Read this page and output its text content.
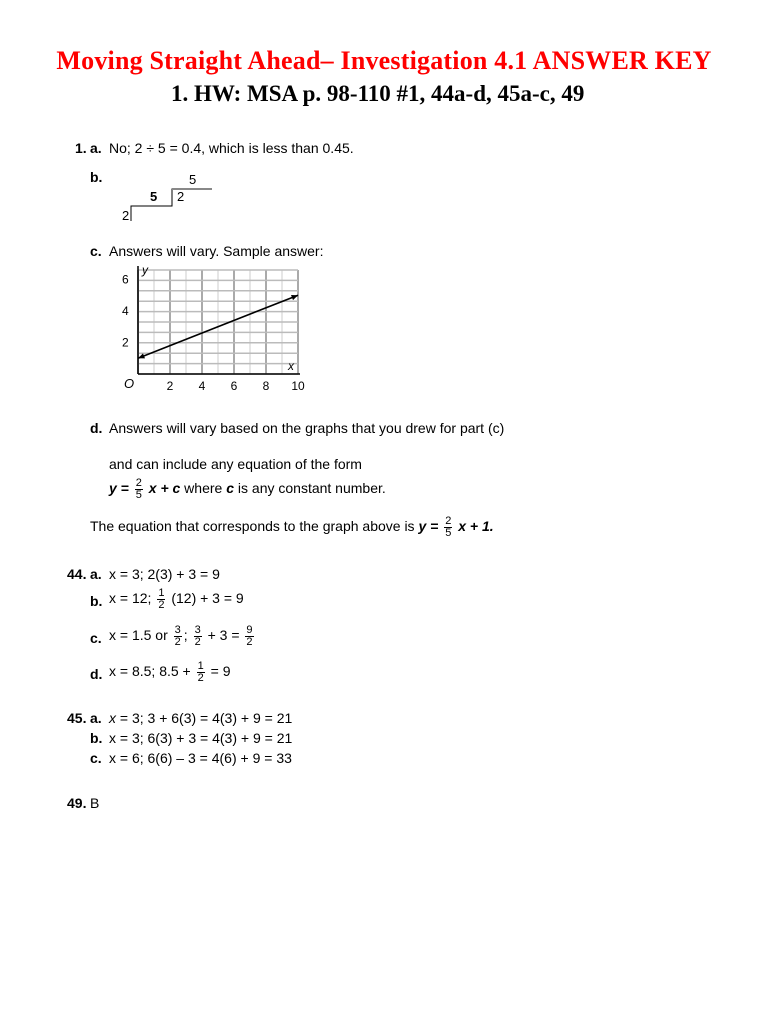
Moving Straight Ahead– Investigation 4.1 ANSWER KEY
1. HW: MSA p. 98-110 #1, 44a-d, 45a-c, 49
1. a. No; 2 ÷ 5 = 0.4, which is less than 0.45.
b.	5
2
5
2
c. Answers will vary. Sample answer:
y
x
O
2
4
6
2 4 6 8 10
d. Answers will vary based on the graphs that you drew for part (c)
and can include any equation of the form
$y = \frac{2}{5}$ x + c where c is any constant number.
The equation that corresponds to the graph above is $y = \frac{2}{5}$ x + 1.
44. a. x = 3; 2(3) + 3 = 9
b. x = 12; $\frac{1}{2} (12) + 3 = 9$
c. x = 1.5 or $\frac{3}{2}$ ; $\frac{3}{2} + 3 = \frac{9}{2}$
d. x = 8.5; $8.5 + \frac{1}{2} = 9$
45. a. x = 3; 3 + 6(3) = 4(3) + 9 = 21
b. x = 3; 6(3) + 3 = 4(3) + 9 = 21
c. x = 6; 6(6) – 3 = 4(6) + 9 = 33
49. B
